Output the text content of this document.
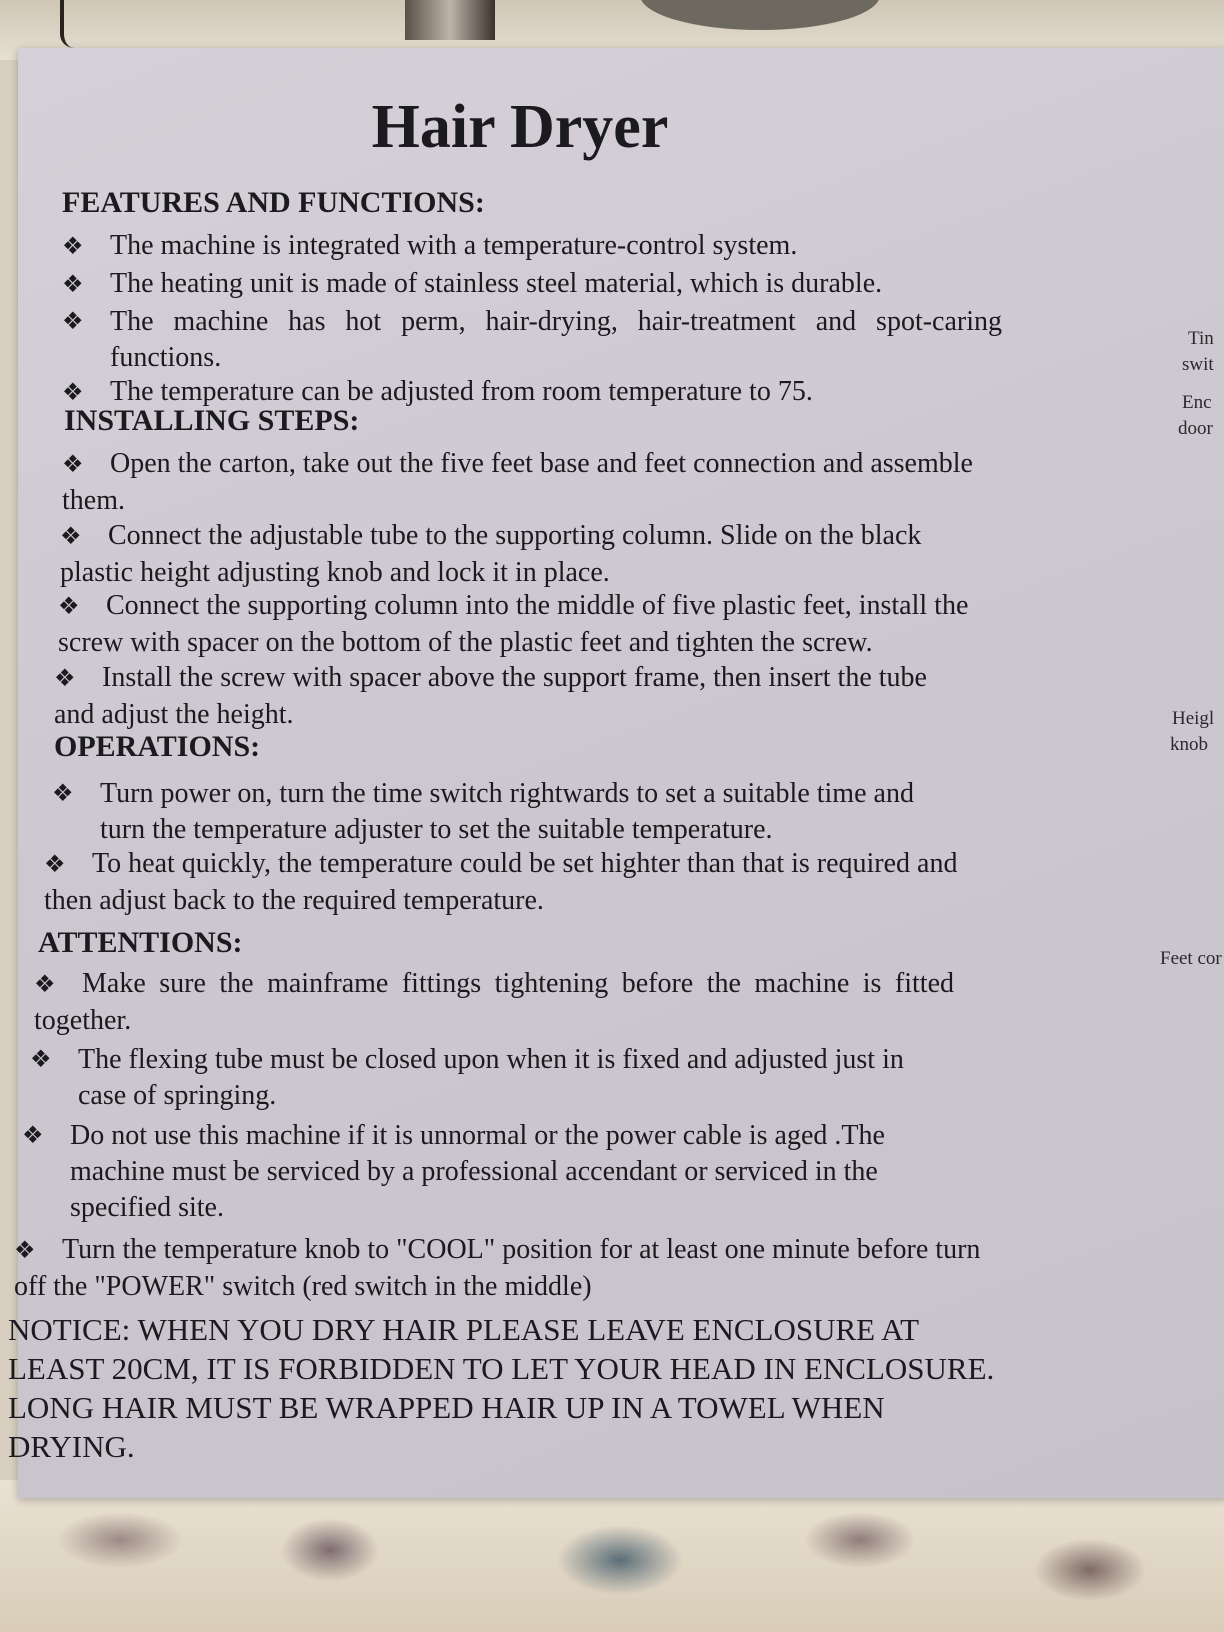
Hair Dryer
FEATURES AND FUNCTIONS:

❖ The machine is integrated with a temperature-control system.

❖ The heating unit is made of stainless steel material, which is durable.

❖ The machine has hot perm, hair-drying, hair-treatment and spot-caring functions.

❖ The temperature can be adjusted from room temperature to 75.

INSTALLING STEPS:

❖ Open the carton, take out the five feet base and feet connection and assemble them.

❖ Connect the adjustable tube to the supporting column. Slide on the black plastic height adjusting knob and lock it in place.

❖ Connect the supporting column into the middle of five plastic feet, install the screw with spacer on the bottom of the plastic feet and tighten the screw.

❖ Install the screw with spacer above the support frame, then insert the tube and adjust the height.

OPERATIONS:

❖ Turn power on, turn the time switch rightwards to set a suitable time and turn the temperature adjuster to set the suitable temperature.

❖ To heat quickly, the temperature could be set highter than that is required and then adjust back to the required temperature.

ATTENTIONS:

❖ Make sure the mainframe fittings tightening before the machine is fitted together.

❖ The flexing tube must be closed upon when it is fixed and adjusted just in case of springing.

❖ Do not use this machine if it is unnormal or the power cable is aged .The machine must be serviced by a professional accendant or serviced in the specified site.

❖ Turn the temperature knob to "COOL" position for at least one minute before turn off the "POWER" switch (red switch in the middle)

NOTICE: WHEN YOU DRY HAIR PLEASE LEAVE ENCLOSURE AT LEAST 20CM, IT IS FORBIDDEN TO LET YOUR HEAD IN ENCLOSURE. LONG HAIR MUST BE WRAPPED HAIR UP IN A TOWEL WHEN DRYING.

Tin
swit
Enc
door
Heigl
knob
Feet cor
